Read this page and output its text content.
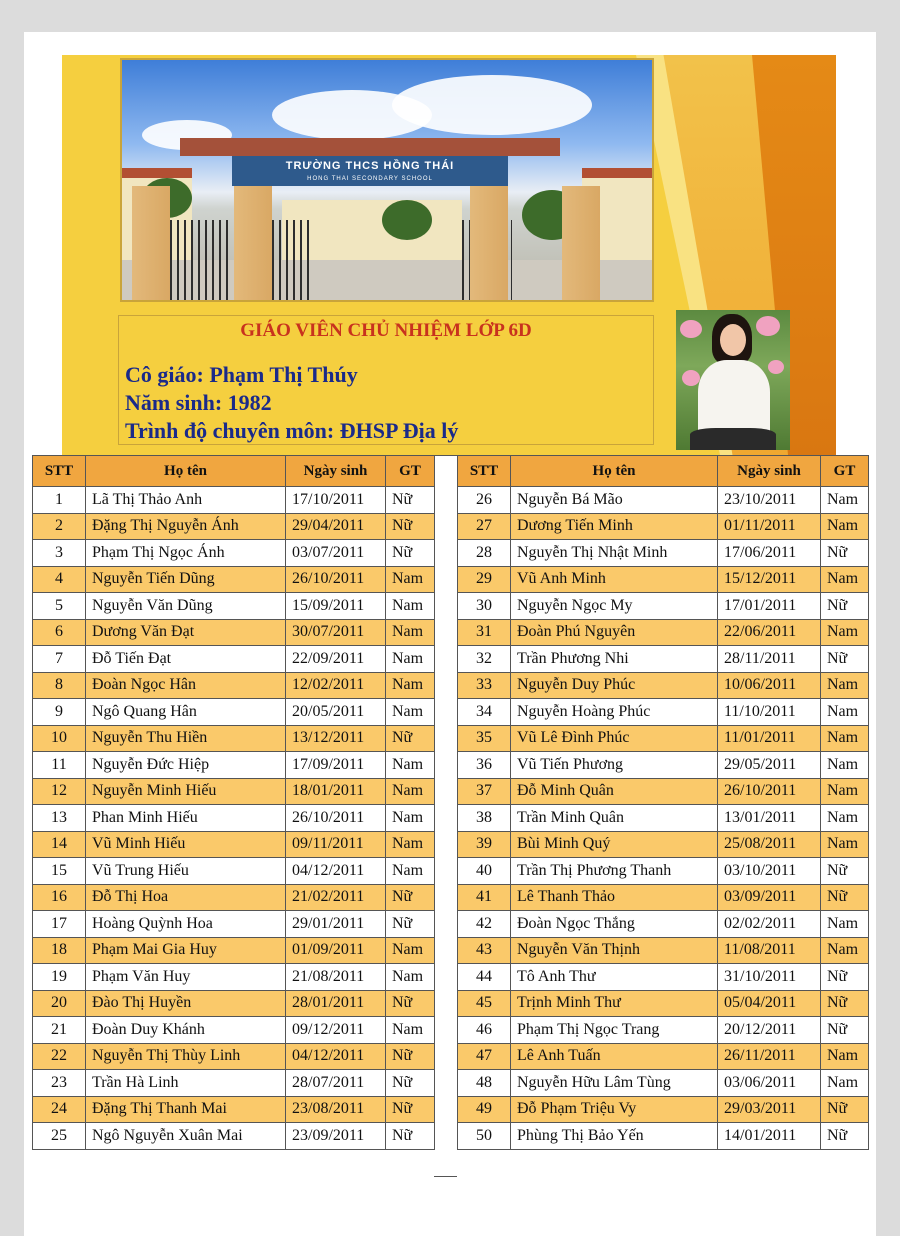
TRƯỜNG THCS HỒNG THÁI
HONG THAI SECONDARY SCHOOL
GIÁO VIÊN CHỦ NHIỆM LỚP 6D
Cô giáo: Phạm Thị Thúy
Năm sinh: 1982
Trình độ chuyên môn: ĐHSP Địa lý
STT	Họ tên	Ngày sinh	GT
1	Lã Thị Thảo Anh	17/10/2011	Nữ
2	Đặng Thị Nguyễn Ánh	29/04/2011	Nữ
3	Phạm Thị Ngọc Ánh	03/07/2011	Nữ
4	Nguyễn Tiến Dũng	26/10/2011	Nam
5	Nguyễn Văn Dũng	15/09/2011	Nam
6	Dương Văn Đạt	30/07/2011	Nam
7	Đỗ Tiến Đạt	22/09/2011	Nam
8	Đoàn Ngọc Hân	12/02/2011	Nam
9	Ngô Quang Hân	20/05/2011	Nam
10	Nguyễn Thu Hiền	13/12/2011	Nữ
11	Nguyễn Đức Hiệp	17/09/2011	Nam
12	Nguyễn Minh Hiếu	18/01/2011	Nam
13	Phan Minh Hiếu	26/10/2011	Nam
14	Vũ Minh Hiếu	09/11/2011	Nam
15	Vũ Trung Hiếu	04/12/2011	Nam
16	Đỗ Thị Hoa	21/02/2011	Nữ
17	Hoàng Quỳnh Hoa	29/01/2011	Nữ
18	Phạm Mai Gia Huy	01/09/2011	Nam
19	Phạm Văn Huy	21/08/2011	Nam
20	Đào Thị Huyền	28/01/2011	Nữ
21	Đoàn Duy Khánh	09/12/2011	Nam
22	Nguyễn Thị Thùy Linh	04/12/2011	Nữ
23	Trần Hà Linh	28/07/2011	Nữ
24	Đặng Thị Thanh Mai	23/08/2011	Nữ
25	Ngô Nguyễn Xuân Mai	23/09/2011	Nữ
STT	Họ tên	Ngày sinh	GT
26	Nguyễn Bá Mão	23/10/2011	Nam
27	Dương Tiến Minh	01/11/2011	Nam
28	Nguyễn Thị Nhật Minh	17/06/2011	Nữ
29	Vũ Anh Minh	15/12/2011	Nam
30	Nguyễn Ngọc My	17/01/2011	Nữ
31	Đoàn Phú Nguyên	22/06/2011	Nam
32	Trần Phương Nhi	28/11/2011	Nữ
33	Nguyễn Duy Phúc	10/06/2011	Nam
34	Nguyễn Hoàng Phúc	11/10/2011	Nam
35	Vũ Lê Đình Phúc	11/01/2011	Nam
36	Vũ Tiến Phương	29/05/2011	Nam
37	Đỗ Minh Quân	26/10/2011	Nam
38	Trần Minh Quân	13/01/2011	Nam
39	Bùi Minh Quý	25/08/2011	Nam
40	Trần Thị Phương Thanh	03/10/2011	Nữ
41	Lê Thanh Thảo	03/09/2011	Nữ
42	Đoàn Ngọc Thắng	02/02/2011	Nam
43	Nguyễn Văn Thịnh	11/08/2011	Nam
44	Tô Anh Thư	31/10/2011	Nữ
45	Trịnh Minh Thư	05/04/2011	Nữ
46	Phạm Thị Ngọc Trang	20/12/2011	Nữ
47	Lê Anh Tuấn	26/11/2011	Nam
48	Nguyễn Hữu Lâm Tùng	03/06/2011	Nam
49	Đỗ Phạm Triệu Vy	29/03/2011	Nữ
50	Phùng Thị Bảo Yến	14/01/2011	Nữ
